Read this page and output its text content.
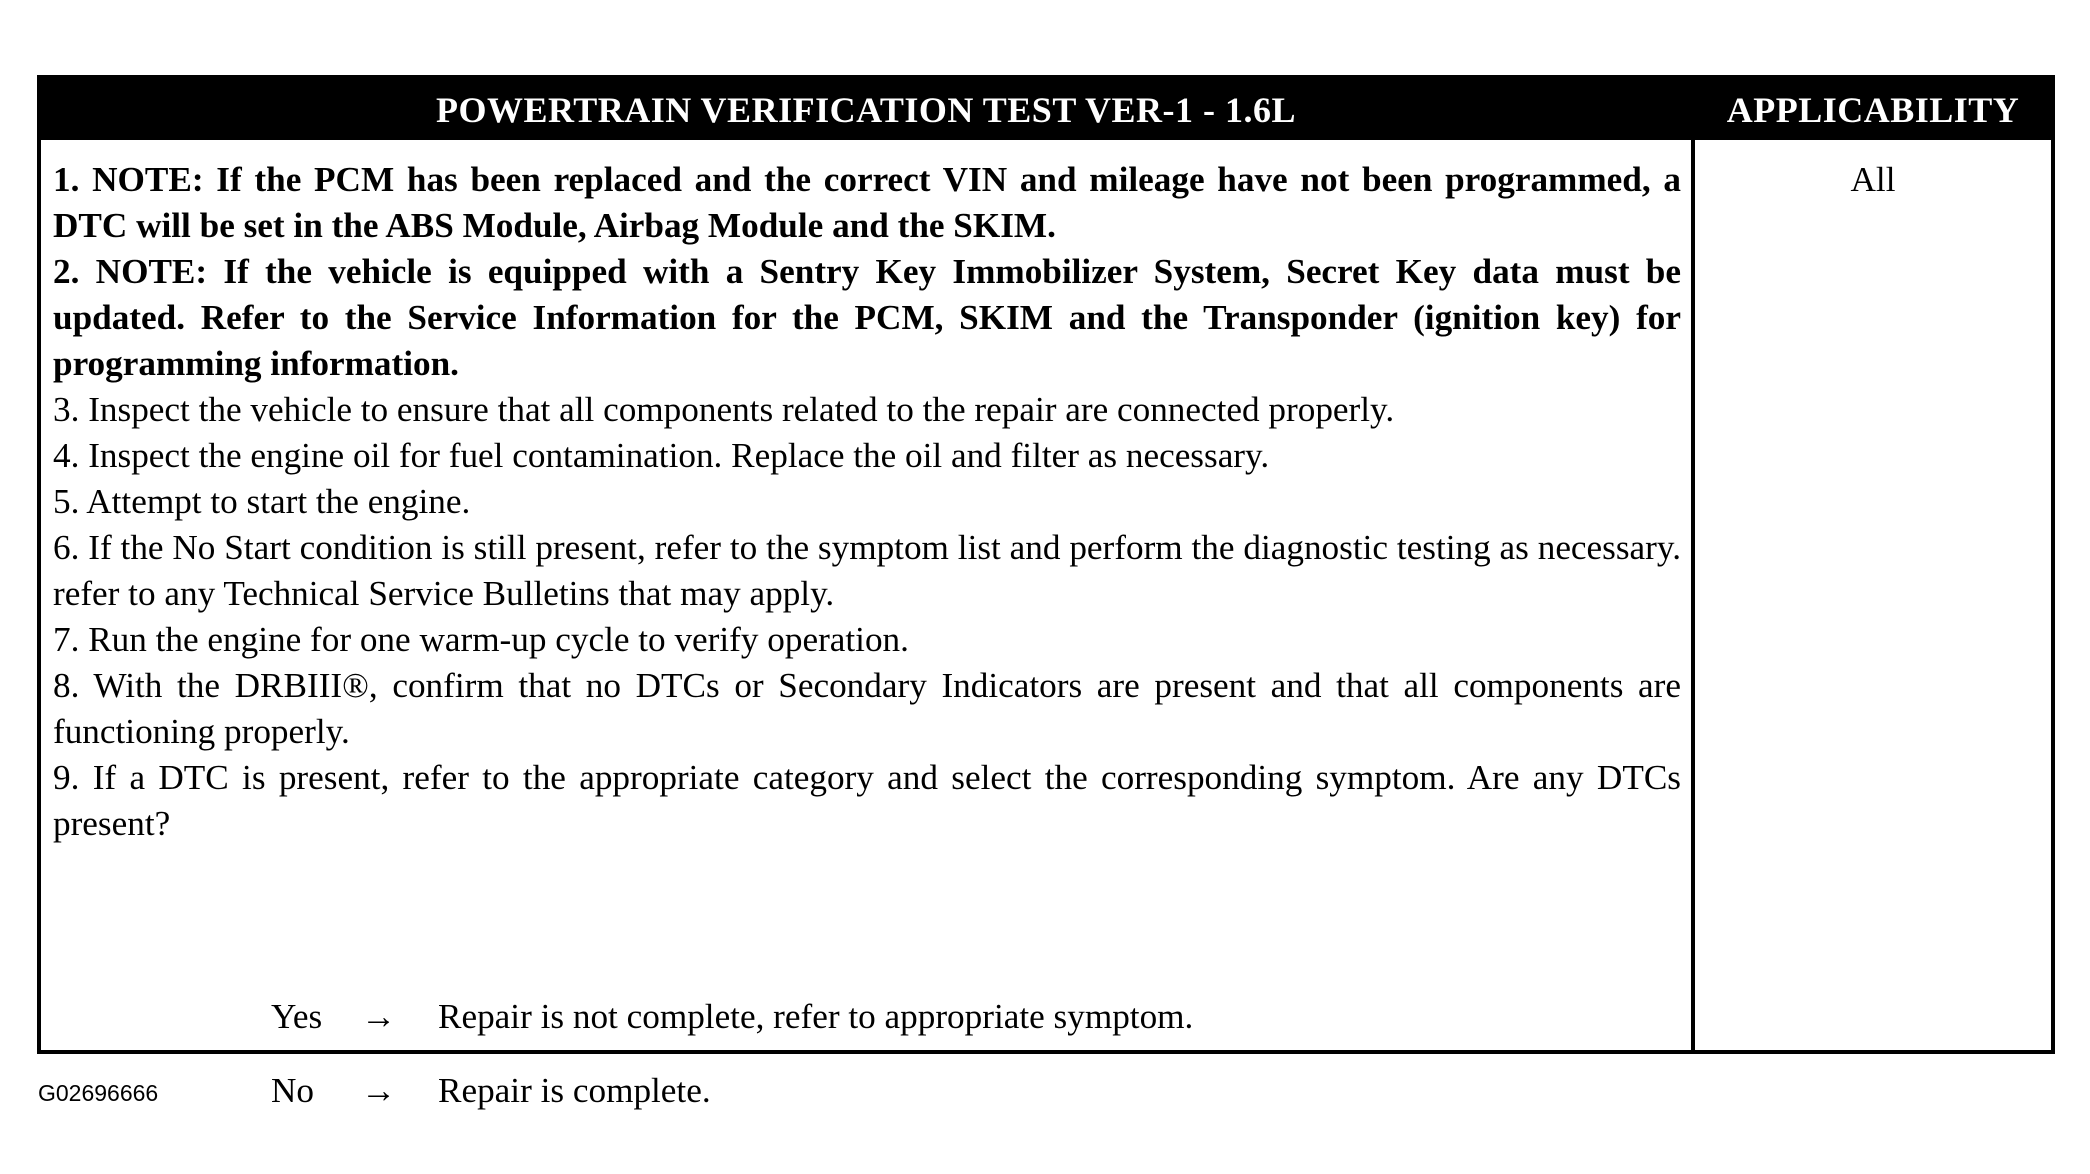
POWERTRAIN VERIFICATION TEST VER-1 - 1.6L	APPLICABILITY

1. NOTE: If the PCM has been replaced and the correct VIN and mileage have not been programmed, a DTC will be set in the ABS Module, Airbag Module and the SKIM.

2. NOTE: If the vehicle is equipped with a Sentry Key Immobilizer System, Secret Key data must be updated. Refer to the Service Information for the PCM, SKIM and the Transponder (ignition key) for programming information.

3. Inspect the vehicle to ensure that all components related to the repair are connected properly.

4. Inspect the engine oil for fuel contamination. Replace the oil and filter as necessary.

5. Attempt to start the engine.

6. If the No Start condition is still present, refer to the symptom list and perform the diagnostic testing as necessary. refer to any Technical Service Bulletins that may apply.

7. Run the engine for one warm-up cycle to verify operation.

8. With the DRBIII®, confirm that no DTCs or Secondary Indicators are present and that all components are functioning properly.

9. If a DTC is present, refer to the appropriate category and select the corresponding symptom. Are any DTCs present?

Yes → Repair is not complete, refer to appropriate symptom.
No → Repair is complete.
All
G02696666
